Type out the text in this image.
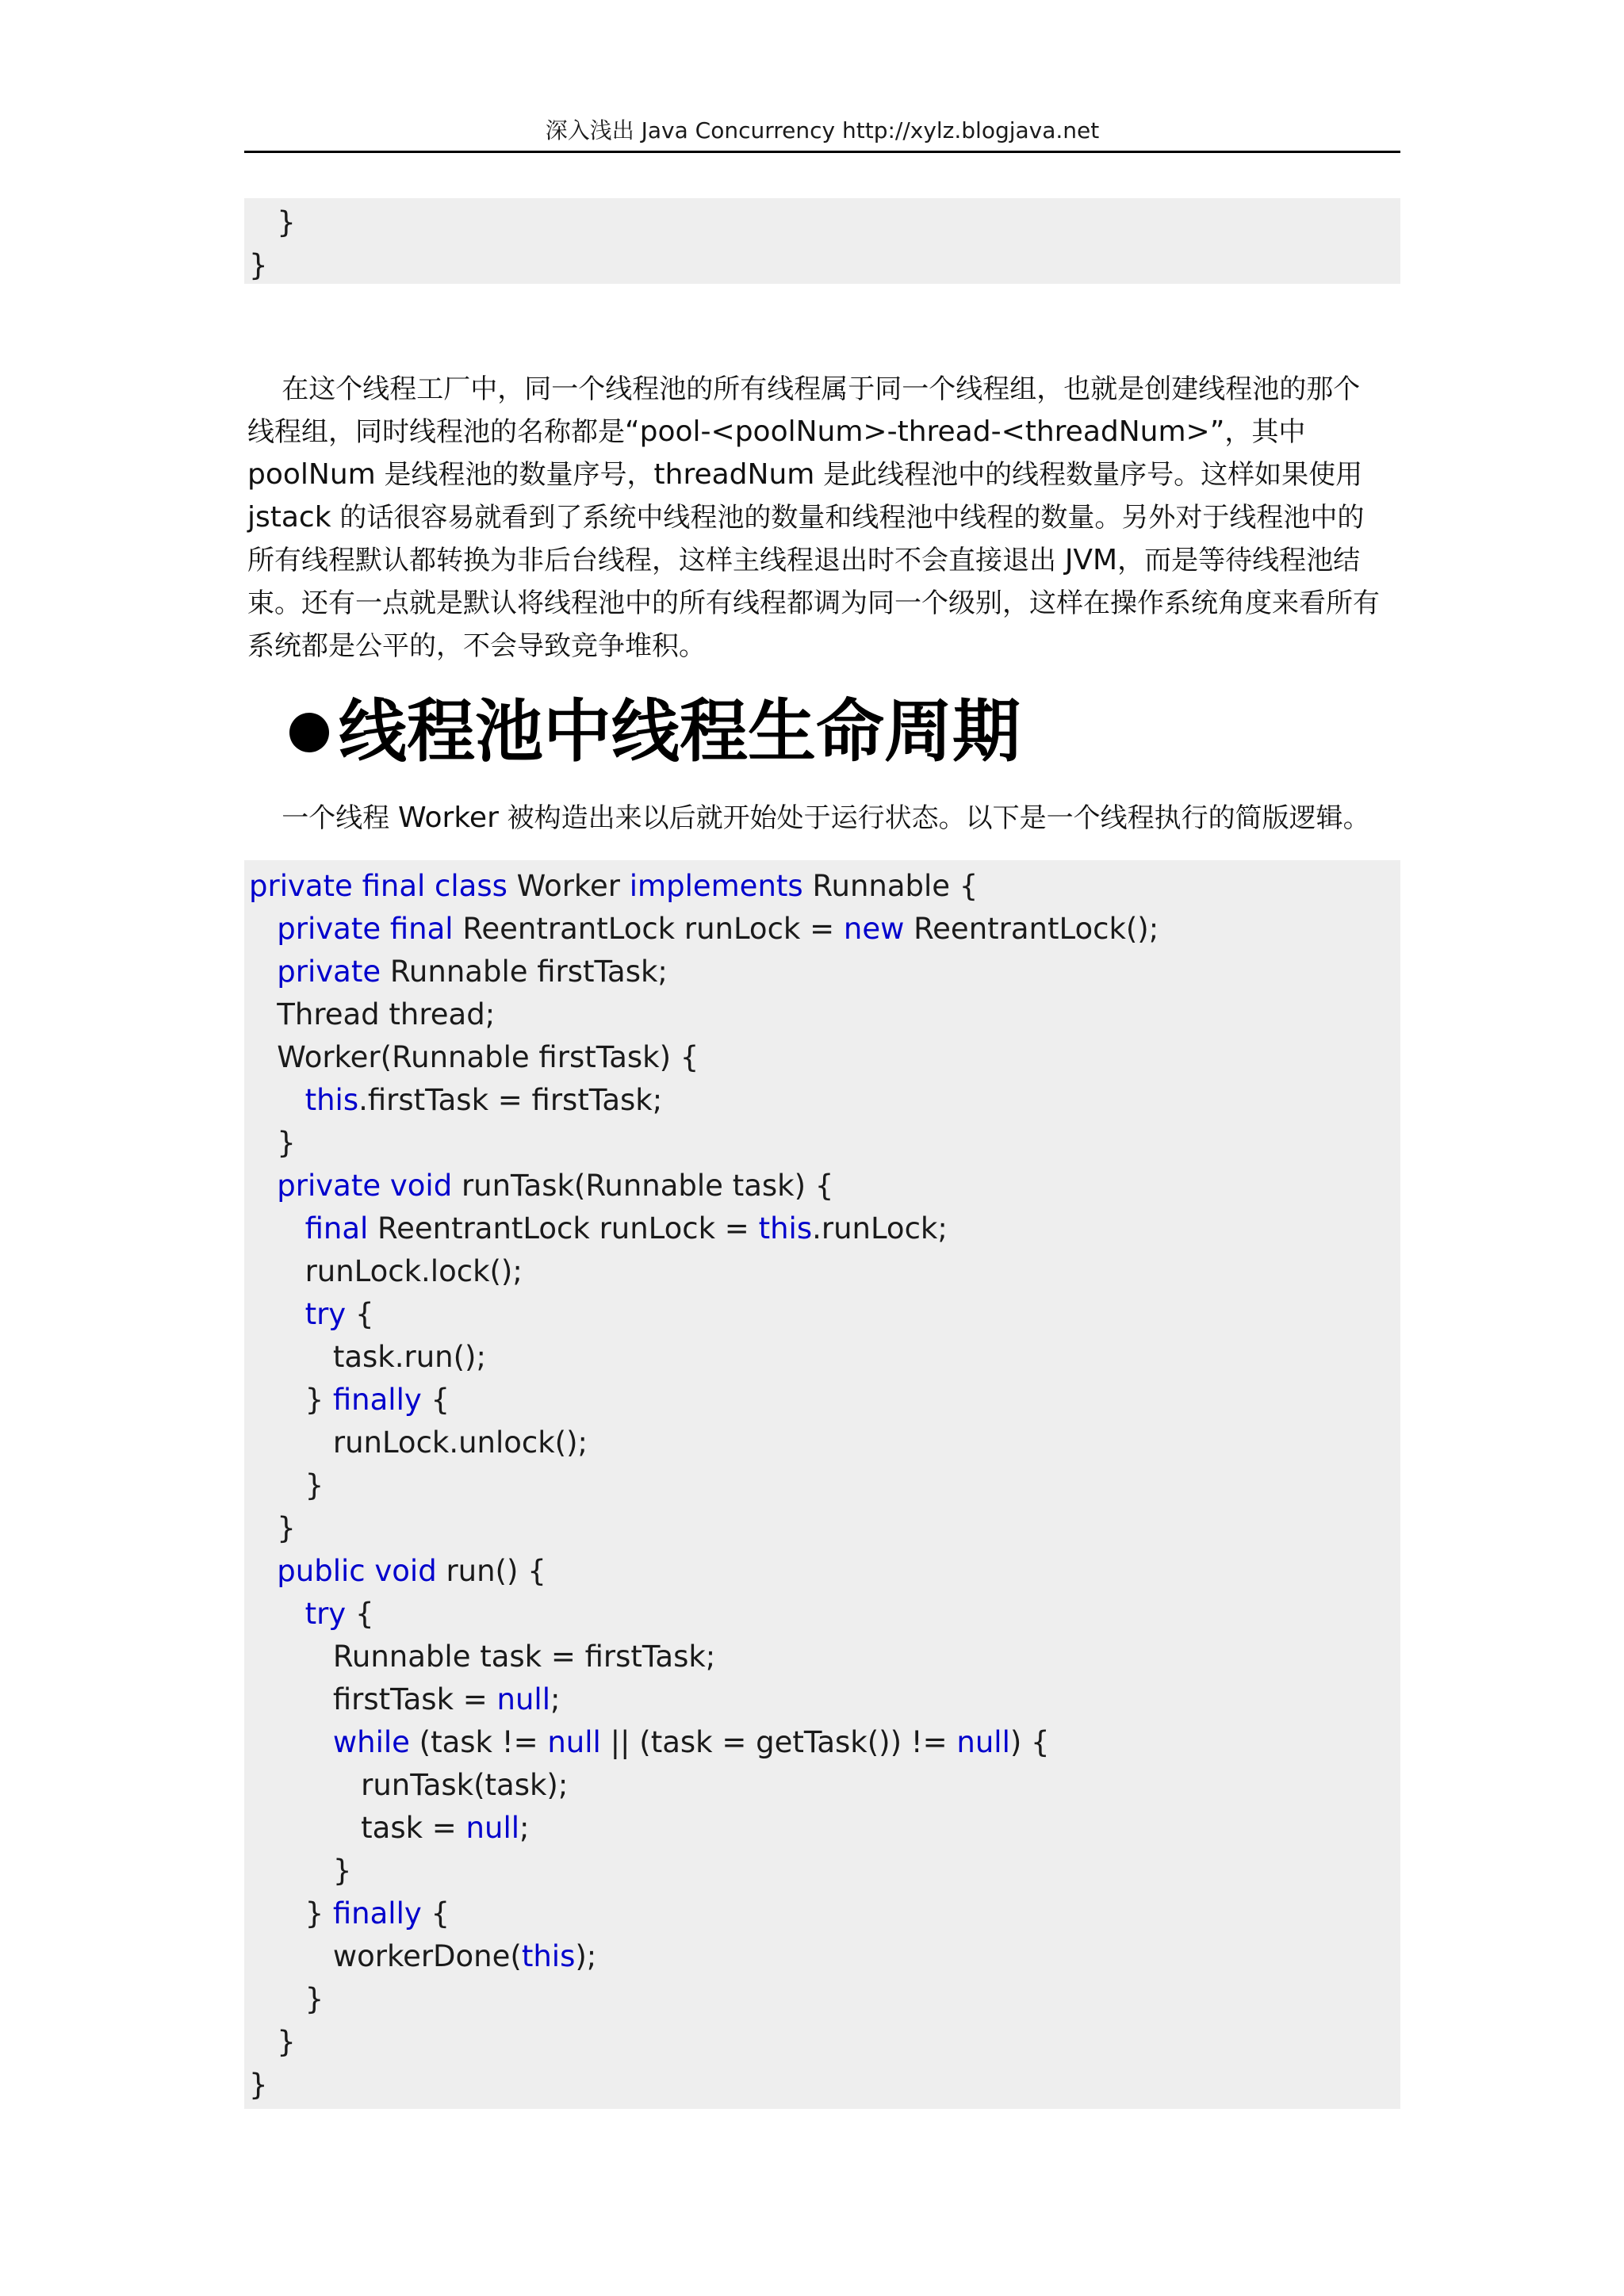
深入浅出 Java Concurrency http://xylz.blogjava.net
}
}
在这个线程工厂中，同一个线程池的所有线程属于同一个线程组，也就是创建线程池的那个
线程组，同时线程池的名称都是“pool-<poolNum>-thread-<threadNum>”，其中
poolNum 是线程池的数量序号，threadNum 是此线程池中的线程数量序号。这样如果使用
jstack 的话很容易就看到了系统中线程池的数量和线程池中线程的数量。另外对于线程池中的
所有线程默认都转换为非后台线程，这样主线程退出时不会直接退出 JVM，而是等待线程池结
束。还有一点就是默认将线程池中的所有线程都调为同一个级别，这样在操作系统角度来看所有
系统都是公平的，不会导致竞争堆积。
线程池中线程生命周期
一个线程 Worker 被构造出来以后就开始处于运行状态。以下是一个线程执行的简版逻辑。
private final class Worker implements Runnable {
private final ReentrantLock runLock = new ReentrantLock();
private Runnable firstTask;
Thread thread;
Worker(Runnable firstTask) {
this.firstTask = firstTask;
}
private void runTask(Runnable task) {
final ReentrantLock runLock = this.runLock;
runLock.lock();
try {
task.run();
} finally {
runLock.unlock();
}
}
public void run() {
try {
Runnable task = firstTask;
firstTask = null;
while (task != null || (task = getTask()) != null) {
runTask(task);
task = null;
}
} finally {
workerDone(this);
}
}
}
